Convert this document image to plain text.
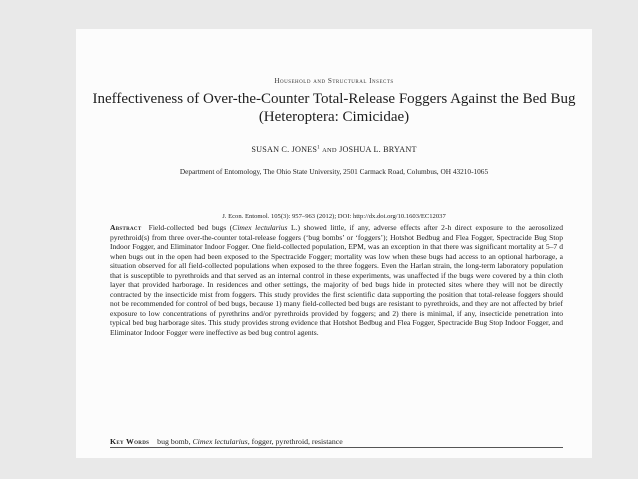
Household and Structural Insects
Ineffectiveness of Over-the-Counter Total-Release Foggers Against the Bed Bug (Heteroptera: Cimicidae)
SUSAN C. JONES$^1$ AND JOSHUA L. BRYANT
Department of Entomology, The Ohio State University, 2501 Carmack Road, Columbus, OH 43210-1065
J. Econ. Entomol. 105(3): 957–963 (2012); DOI: http://dx.doi.org/10.1603/EC12037
Abstract Field-collected bed bugs (Cimex lectularius L.) showed little, if any, adverse effects after 2-h direct exposure to the aerosolized pyrethroid(s) from three over-the-counter total-release foggers (‘bug bombs’ or ‘foggers’); Hotshot Bedbug and Flea Fogger, Spectracide Bug Stop Indoor Fogger, and Eliminator Indoor Fogger. One field-collected population, EPM, was an exception in that there was significant mortality at 5–7 d when bugs out in the open had been exposed to the Spectracide Fogger; mortality was low when these bugs had access to an optional harborage, a situation observed for all field-collected populations when exposed to the three foggers. Even the Harlan strain, the long-term laboratory population that is susceptible to pyrethroids and that served as an internal control in these experiments, was unaffected if the bugs were covered by a thin cloth layer that provided harborage. In residences and other settings, the majority of bed bugs hide in protected sites where they will not be directly contracted by the insecticide mist from foggers. This study provides the first scientific data supporting the position that total-release foggers should not be recommended for control of bed bugs, because 1) many field-collected bed bugs are resistant to pyrethroids, and they are not affected by brief exposure to low concentrations of pyrethrins and/or pyrethroids provided by foggers; and 2) there is minimal, if any, insecticide penetration into typical bed bug harborage sites. This study provides strong evidence that Hotshot Bedbug and Flea Fogger, Spectracide Bug Stop Indoor Fogger, and Eliminator Indoor Fogger were ineffective as bed bug control agents.
Key Words bug bomb, Cimex lectularius, fogger, pyrethroid, resistance
